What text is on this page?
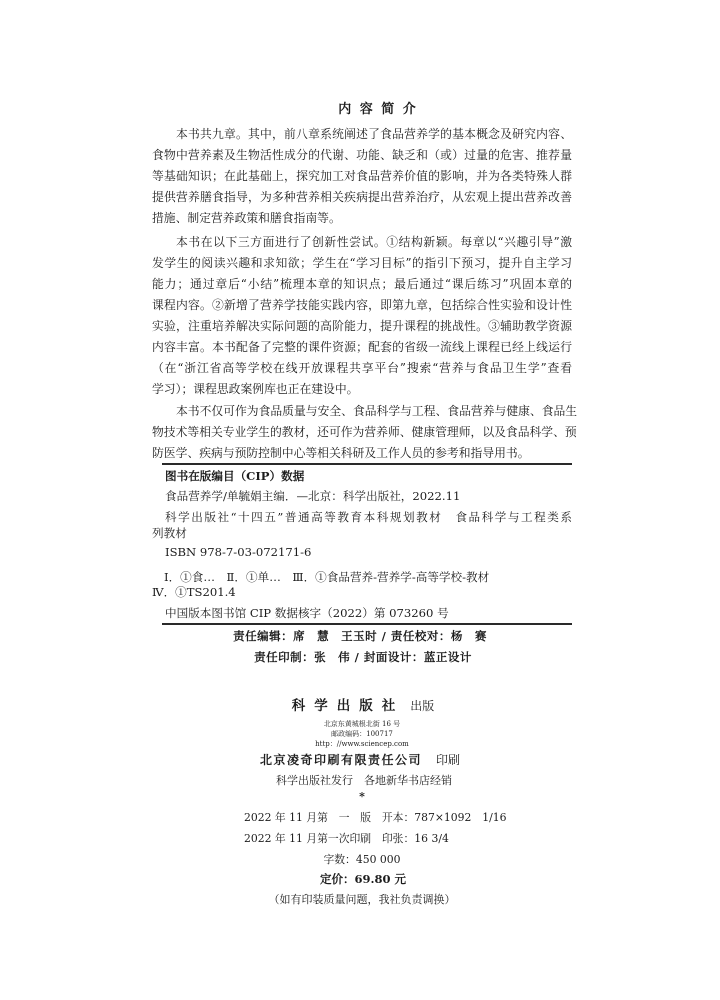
内 容 简 介
本书共九章。其中，前八章系统阐述了食品营养学的基本概念及研究内容、
食物中营养素及生物活性成分的代谢、功能、缺乏和（或）过量的危害、推荐量
等基础知识；在此基础上，探究加工对食品营养价值的影响，并为各类特殊人群
提供营养膳食指导，为多种营养相关疾病提出营养治疗，从宏观上提出营养改善
措施、制定营养政策和膳食指南等。
本书在以下三方面进行了创新性尝试。①结构新颖。每章以“兴趣引导”激
发学生的阅读兴趣和求知欲；学生在“学习目标”的指引下预习，提升自主学习
能力；通过章后“小结”梳理本章的知识点；最后通过“课后练习”巩固本章的
课程内容。②新增了营养学技能实践内容，即第九章，包括综合性实验和设计性
实验，注重培养解决实际问题的高阶能力，提升课程的挑战性。③辅助教学资源
内容丰富。本书配备了完整的课件资源；配套的省级一流线上课程已经上线运行
（在“浙江省高等学校在线开放课程共享平台”搜索“营养与食品卫生学”查看
学习）；课程思政案例库也正在建设中。
本书不仅可作为食品质量与安全、食品科学与工程、食品营养与健康、食品生
物技术等相关专业学生的教材，还可作为营养师、健康管理师，以及食品科学、预
防医学、疾病与预防控制中心等相关科研及工作人员的参考和指导用书。
图书在版编目（CIP）数据
食品营养学/单毓娟主编．—北京：科学出版社，2022.11
科学出版社“十四五”普通高等教育本科规划教材　食品科学与工程类系
列教材
ISBN 978-7-03-072171-6
Ⅰ．①食…　Ⅱ．①单…　Ⅲ．①食品营养-营养学-高等学校-教材
Ⅳ．①TS201.4
中国版本图书馆 CIP 数据核字（2022）第 073260 号
责任编辑：席　慧　王玉时 / 责任校对：杨　赛
责任印制：张　伟 / 封面设计：蓝正设计
科学出版社 出版
北京东黄城根北街 16 号
邮政编码：100717
http：//www.sciencep.com
北京凌奇印刷有限责任公司 印刷
科学出版社发行　各地新华书店经销
*
2022 年 11 月第　一　版　开本：787×1092　1/16
2022 年 11 月第一次印刷　印张：16 3/4
字数：450 000
定价：69.80 元
（如有印装质量问题，我社负责调换）
